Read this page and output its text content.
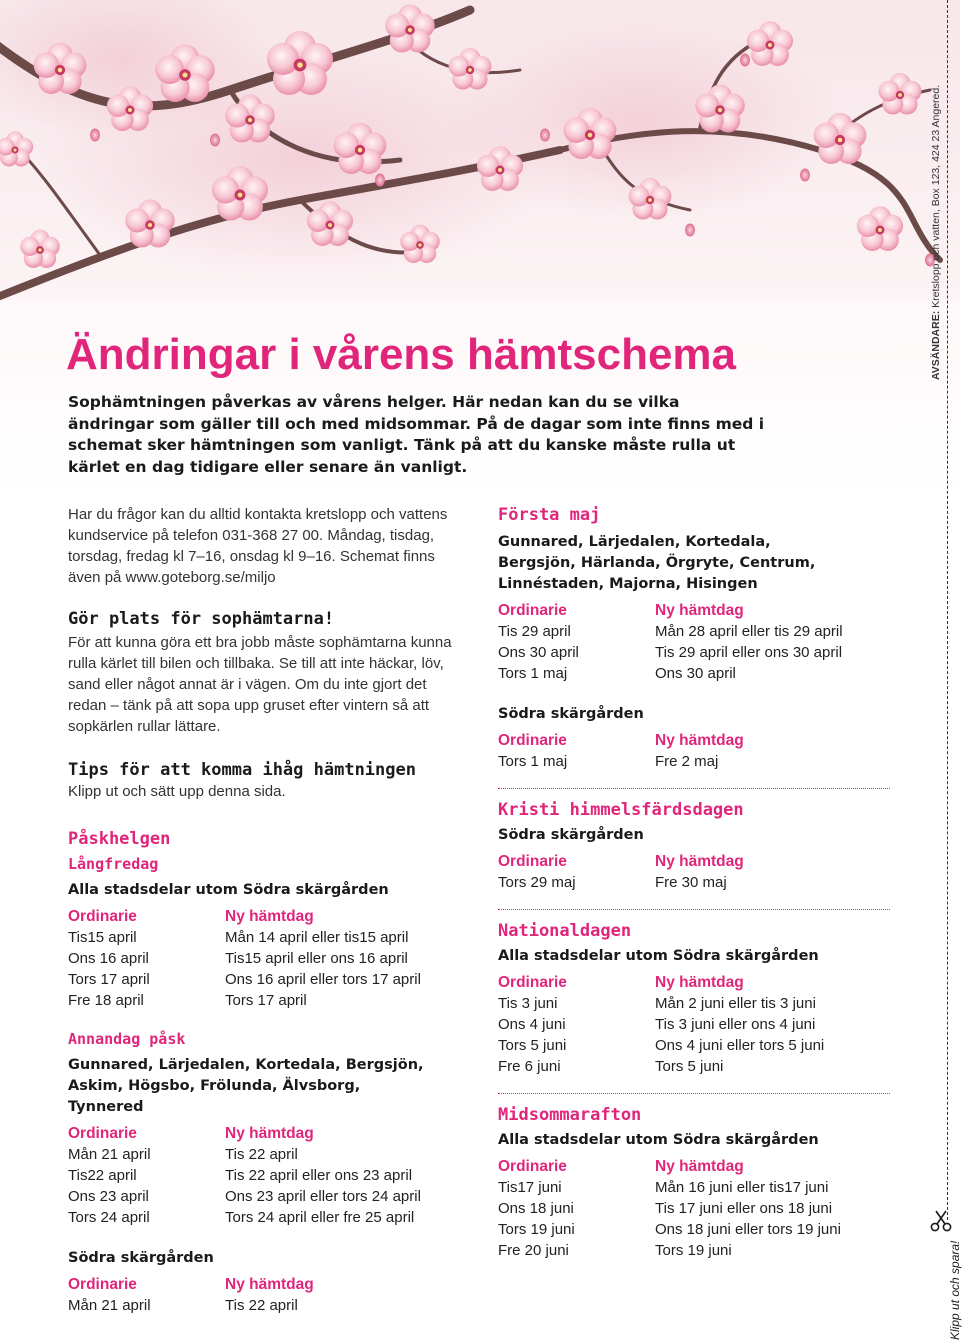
Ändringar i vårens hämtschema

Sophämtningen påverkas av vårens helger. Här nedan kan du se vilka ändringar som gäller till och med midsommar. På de dagar som inte finns med i schemat sker hämtningen som vanligt. Tänk på att du kanske måste rulla ut kärlet en dag tidigare eller senare än vanligt.

Har du frågor kan du alltid kontakta kretslopp och vattens kundservice på telefon 031-368 27 00. Måndag, tisdag, torsdag, fredag kl 7–16, onsdag kl 9–16. Schemat finns även på www.goteborg.se/miljo

Gör plats för sophämtarna!

För att kunna göra ett bra jobb måste sophämtarna kunna rulla kärlet till bilen och tillbaka. Se till att inte häckar, löv, sand eller något annat är i vägen. Om du inte gjort det redan – tänk på att sopa upp gruset efter vintern så att sopkärlen rullar lättare.

Tips för att komma ihåg hämtningen

Klipp ut och sätt upp denna sida.

Påskhelgen
Långfredag
Alla stadsdelar utom Södra skärgården
Ordinarie	Ny hämtdag
Tis15 april	Mån 14 april eller tis15 april
Ons 16 april	Tis15 april eller ons 16 april
Tors 17 april	Ons 16 april eller tors 17 april
Fre 18 april	Tors 17 april
Annandag påsk
Gunnared, Lärjedalen, Kortedala, Bergsjön, Askim, Högsbo, Frölunda, Älvsborg, Tynnered
Ordinarie	Ny hämtdag
Mån 21 april	Tis 22 april
Tis22 april	Tis 22 april eller ons 23 april
Ons 23 april	Ons 23 april eller tors 24 april
Tors 24 april	Tors 24 april eller fre 25 april
Södra skärgården
Ordinarie	Ny hämtdag
Mån 21 april	Tis 22 april
Första maj
Gunnared, Lärjedalen, Kortedala, Bergsjön, Härlanda, Örgryte, Centrum, Linnéstaden, Majorna, Hisingen
Ordinarie	Ny hämtdag
Tis 29 april	Mån 28 april eller tis 29 april
Ons 30 april	Tis 29 april eller ons 30 april
Tors 1 maj	Ons 30 april
Södra skärgården
Ordinarie	Ny hämtdag
Tors 1 maj	Fre 2 maj
Kristi himmelsfärdsdagen
Södra skärgården
Ordinarie	Ny hämtdag
Tors 29 maj	Fre 30 maj
Nationaldagen
Alla stadsdelar utom Södra skärgården
Ordinarie	Ny hämtdag
Tis 3 juni	Mån 2 juni eller tis 3 juni
Ons 4 juni	Tis 3 juni eller ons 4 juni
Tors 5 juni	Ons 4 juni eller tors 5 juni
Fre 6 juni	Tors 5 juni
Midsommarafton
Alla stadsdelar utom Södra skärgården
Ordinarie	Ny hämtdag
Tis17 juni	Mån 16 juni eller tis17 juni
Ons 18 juni	Tis 17 juni eller ons 18 juni
Tors 19 juni	Ons 18 juni eller tors 19 juni
Fre 20 juni	Tors 19 juni
AVSÄNDARE: Kretslopp och vatten, Box 123, 424 23 Angered.
Klipp ut och spara!
